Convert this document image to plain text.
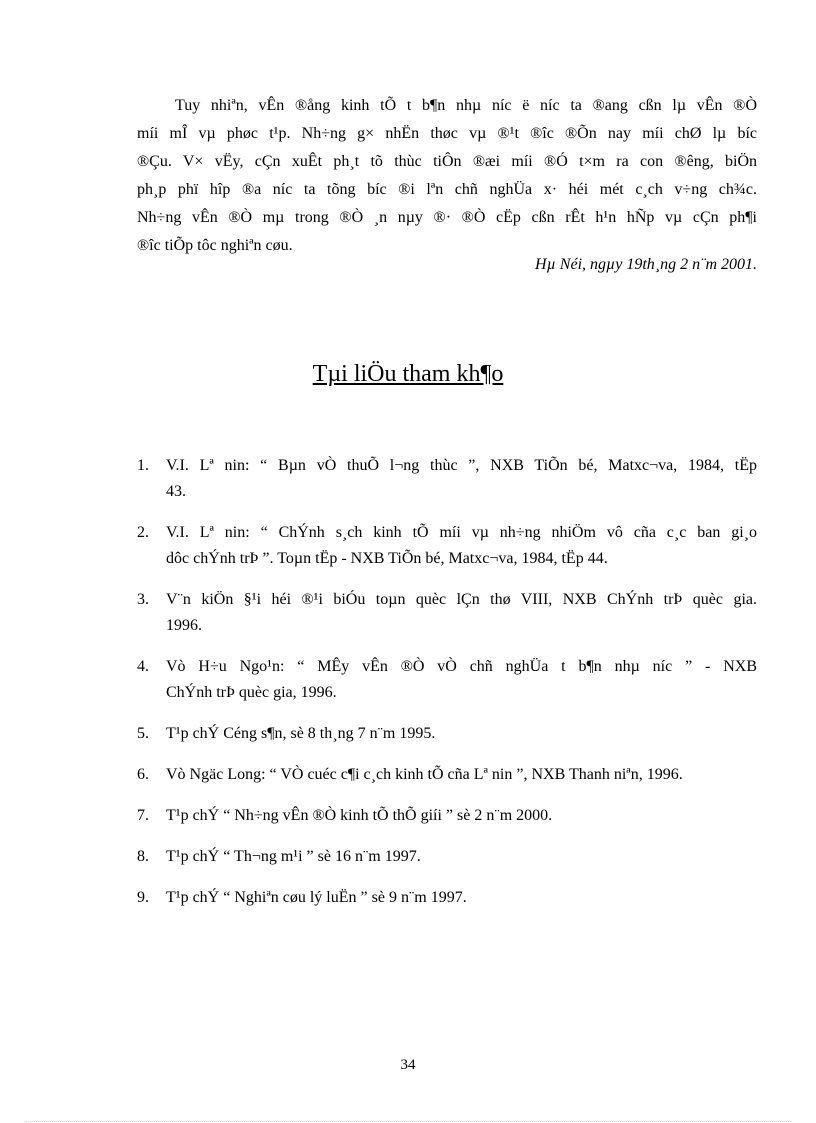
Tuy nhiªn, vÊn ®ång kinh tÕ t b¶n nhµ níc ë níc ta ®ang cßn lµ vÊn ®Ò
míi mÎ vµ phøc t¹p. Nh÷ng g× nhËn thøc vµ ®¹t ®îc ®Õn nay míi chØ lµ bíc
®Çu. V× vËy, cÇn xuÊt ph¸t tõ thùc tiÔn ®æi míi ®Ó t×m ra con ®êng, biÖn
ph¸p phï hîp ®a níc ta tõng bíc ®i lªn chñ nghÜa x· héi mét c¸ch v÷ng ch¾c.
Nh÷ng vÊn ®Ò mµ trong ®Ò ¸n nµy ®· ®Ò cËp cßn rÊt h¹n hÑp vµ cÇn ph¶i
®îc tiÕp tôc nghiªn cøu.

Hµ Néi, ngµy 19th¸ng 2 n¨m 2001.
Tµi liÖu tham kh¶o
1. V.I. Lª nin: “ Bµn vÒ thuÕ l¬ng thùc ”, NXB TiÕn bé, Matxc¬va, 1984, tËp
43.
2. V.I. Lª nin: “ ChÝnh s¸ch kinh tÕ míi vµ nh÷ng nhiÖm vô cña c¸c ban gi¸o
dôc chÝnh trÞ ”. Toµn tËp - NXB TiÕn bé, Matxc¬va, 1984, tËp 44.
3. V¨n kiÖn §¹i héi ®¹i biÓu toµn quèc lÇn thø VIII, NXB ChÝnh trÞ quèc gia.
1996.
4. Vò H÷u Ngo¹n: “ MÊy vÊn ®Ò vÒ chñ nghÜa t b¶n nhµ níc ” - NXB
ChÝnh trÞ quèc gia, 1996.
5. T¹p chÝ Céng s¶n, sè 8 th¸ng 7 n¨m 1995.
6. Vò Ngäc Long: “ VÒ cuéc c¶i c¸ch kinh tÕ cña Lª nin ”, NXB Thanh niªn, 1996.
7. T¹p chÝ “ Nh÷ng vÊn ®Ò kinh tÕ thÕ giíi ” sè 2 n¨m 2000.
8. T¹p chÝ “ Th¬ng m¹i ” sè 16 n¨m 1997.
9. T¹p chÝ “ Nghiªn cøu lý luËn ” sè 9 n¨m 1997.
34
